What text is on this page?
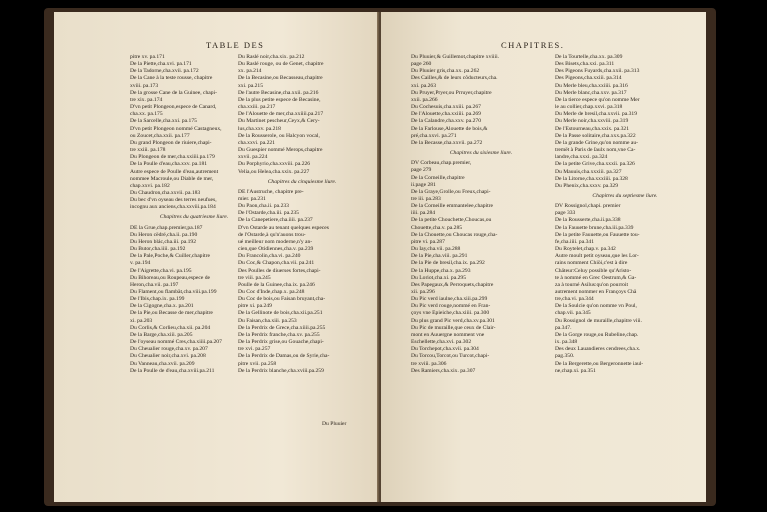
TABLE DES
pitre xv. pa.171
De la Piette,cha.xvi. pa.171
De la Tadorne,cha.xvii. pa.172
De la Cane à la teste rousse, chapitre
xviii. pa.173
De la grosse Cane de la Guinee, chapi-
tre xix. pa.174
D'vn petit Plongeon,espece de Canard,
cha.xx. pa.175
De la Sarcelle,cha.xxi. pa.175
D'vn petit Plongeon nommé Castagneux,
ou Zoucet,cha.xxii. pa.177
Du grand Plongeon de riuiere,chapi-
tre xxiii. pa.178
Du Plongeon de mer,cha.xxiiii.pa.179
De la Poulle d'eau,cha.xxv. pa.181
Autre espece de Poulle d'eau,autrement
nommee Macroule,ou Diable de mer,
chap.xxvi. pa.182
Du Chaudron,cha.xxvii. pa.183
Du bec d'vn oyseau des terres neufues,
incognu aux anciens,cha.xxviii.pa.184
Chapitres du quatriesme liure.
DE la Grue,chap.premier,pa.187
Du Heron cëdré,cha.ii. pa.190
Du Heron blác,cha.iii. pa.192
Du Butor,cha.iiii. pa.192
De la Pale,Poche,& Cuiller,chapitre
v. pa.194
De l'Aigrette,cha.vi. pa.195
Du Bihoreau,ou Roupeau,espece de
Heron,cha.vii. pa.197
Du Flament,ou flambät,cha.viii.pa.199
De l'Ibis,chap.ix. pa.199
De la Cigogne,cha.x. pa.201
De la Pie,ou Becasse de mer,chapitre
xi. pa.203
Du Corlis,& Corlieu,cha.xii. pa.204
De la Barge,cha.xiii. pa.205
De l'oyseau nommé Cres,cha.xiiii.pa.207
Du Cheualier rouge,cha.xv. pa.207
Du Cheualier noir,cha.xvi. pa.208
Du Vanneau,cha.xvii. pa.209
De la Poulle de d'eau,cha.xviii.pa.211
Du Raslé noir,cha.xix. pa.212
Du Raslé rouge, ou de Genet, chapitre
xx. pa.214
De la Becasine,ou Becasseau,chapitre
xxi. pa.215
De l'autre Becasine,cha.xxii. pa.216
De la plus petite espece de Becasine,
cha.xxiii. pa.217
De l'Alouette de mer,cha.xxiiii.pa.217
Du Martinet pescheur,Ceyx,& Cery-
lus,cha.xxv. pa.218
De la Rousserole, ou Halcyon vocal,
cha.xxvi. pa.221
Du Guespier nommé Merops,chapitre
xxvii. pa.224
Du Porphyrio,cha.xxviii. pa.226
Velia,ou Helea,cha.xxix. pa.227
Chapitres du cinquiesme liure.
DE l'Austruche, chapitre pre-
mier. pa.231
Du Paon,cha.ii. pa.233
De l'Ostarde,cha.iii. pa.235
De la Canepetiere,cha.iiii. pa.237
D'vn Ostarde au tenant quelques especes
de l'Ostarde,à qu'n'auons trou-
ué meilleur nom moderne,n'y an-
cien,que Otidiennes,cha.v. pa.239
Du Francolin,cha.vi. pa.240
Du Coc,& Chapon,cha.vii. pa.241
Des Poulles de diuerses fortes,chapi-
tre viii. pa.245
Poulle de la Guinee,cha.ix. pa.246
Du Coc d'Inde,chap.x. pa.248
Du Coc de bois,ou Faisan bruyant,cha-
pitre xi. pa.249
De la Gellinote de bois,cha.xii.pa.251
Du Faisan,cha.xiii. pa.253
De la Perdrix de Grece,cha.xiiii.pa.255
De la Perdrix franche,cha.xv. pa.255
De la Perdrix grise,ou Gouache,chapi-
tre xvi. pa.257
De la Perdrix de Damas,ou de Syrie,cha-
pitre xvii. pa.258
De la Perdrix blanche,cha.xviii.pa.259
Du Pluuier
CHAPITRES.
Du Pluuier,& Guillemot,chapitre xviiii.
page 260
Du Pluuier gris,cha.xx. pa.262
Des Cailles,& de leurs côducteurs,cha.
xxi. pa.263
Du Pruyer,Pryer,ou Prruyer,chapitre
xxii. pa.266
Du Cochesuis,cha.xxiii. pa.267
De l'Alouette,cha.xxiiii. pa.269
De la Calandre,cha.xxv. pa.270
De la Farlouse,Alouette de bois,&
pré,cha.xxvi. pa.271
De la Becasse,cha.xxvii. pa.272
Chapitres du sixiesme liure.
DV Corbeau,chap.premier,
page 279
De la Corneille,chapitre
ii.page 281
De la Graye,Grolle,ou Freux,chapi-
tre iii. pa.283
De la Corneille emmantelee,chapitre
iiii. pa.284
De la petite Chouchette,Choucas,ou
Chouette,cha.v. pa.285
De la Chouette,ou Choucas rouge,cha-
pitre vi. pa.287
Du Iay,cha.vii. pa.288
De la Pie,cha.viii. pa.291
De la Pie de bresil,cha.ix. pa.292
De la Huppe,cha.x. pa.293
Du Loriot,cha.xi. pa.295
Des Papegaux,& Perroquets,chapitre
xii. pa.296
Du Pic verd iaulne,cha.xiii.pa.299
Du Pic verd rouge,nommé en Fran-
çoys vne Epieiche,cha.xiiii. pa.300
Du plus grand Pic verd,cha.xv.pa.301
Du Pic de muraille,que ceux de Clair-
mont en Auuergne nomment vne
Eschellette,cha.xvi. pa.302
Du Torchepot,cha.xvii. pa.304
Du Torcou,Torcot,ou Turcot,chapi-
tre xviii. pa.306
Des Ramiers,cha.xix. pa.307
De la Tourtelle,cha.xx. pa.309
Des Bisets,cha.xxi. pa.311
Des Pigeons Fuyards,cha.xxii. pa.313
Des Pigeons,cha.xxiii. pa.314
Du Merle bleu,cha.xxiiii. pa.316
Du Merle blanc,cha.xxv. pa.317
De la tierce espece qu'on nomme Mer
le au collier,chap.xxvi. pa.318
Du Merle de bresil,cha.xxvii. pa.319
Du Merle noir,cha.xxviii. pa.319
De l'Estourneau,cha.xxix. pa.321
De la Passe solitaire,cha.xxx.pa.322
De la grande Grine,qu'on nomme au-
tremët à Paris de ſaulx nom,vne Ca-
landre,cha.xxxi. pa.324
De la petite Grive,cha.xxxii. pa.326
Du Mauuis,cha.xxxiii. pa.327
De la Litorne,cha.xxxiiii. pa.328
Du Phenix,cha.xxxv. pa.329
Chapitres du septiesme liure.
DV Rossignol,chapi. premier
page 333
De la Rousserte,cha.ii.pa.338
De la Fauuette brune,cha.iii.pa.339
De la petite Fauuette,ou Fauuette tou-
fe,cha.iiii. pa.341
Du Roytelet,chap.v. pa.342
Autre moult petit oyseau,que les Lor-
rains nomment Chiöi,c'est à dire
Chäteur:Celuy possible qu'Aristo-
te à nommé en Grec Oestrum,& Ga-
za à tourné Asilus:qu'on pourroit
autrement nommer en Françoys Chä
tre,cha.vi. pa.344
De la Soulcie qu'on nomme vn Poul,
chap.vii. pa.345
Du Rossignol de muraille,chapitre viii.
pa.347.
De la Gorge rouge,ou Rubeline,chap.
ix. pa.348
Des deux Lauandieres cendrees,cha.x.
pag.350.
De la Bergerette,ou Bergeronnette iaul-
ne,chap.xi. pa.351
